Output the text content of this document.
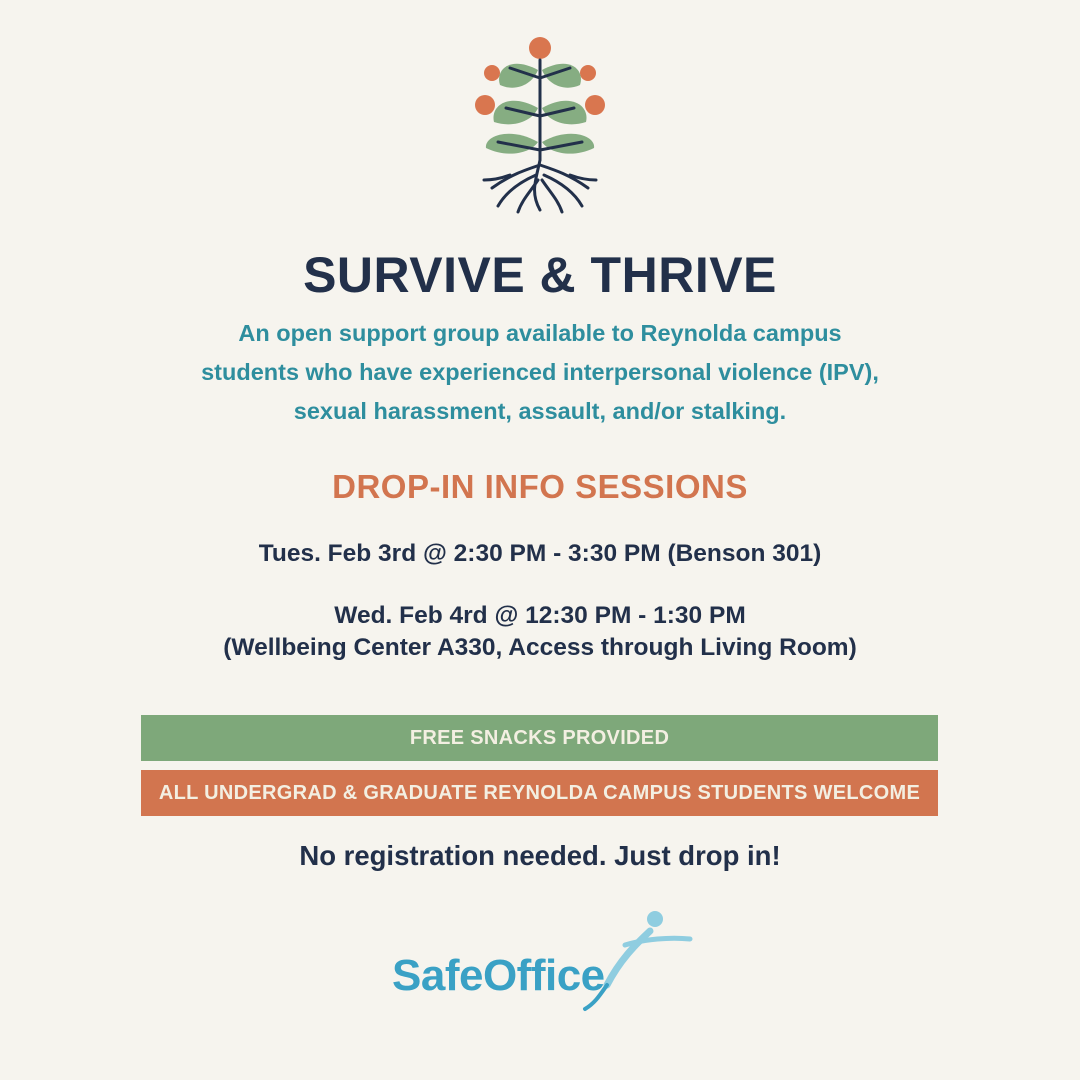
SURVIVE & THRIVE

An open support group available to Reynolda campus students who have experienced interpersonal violence (IPV), sexual harassment, assault, and/or stalking.

DROP-IN INFO SESSIONS
Tues. Feb 3rd @ 2:30 PM - 3:30 PM (Benson 301)
Wed. Feb 4rd @ 12:30 PM - 1:30 PM
(Wellbeing Center A330, Access through Living Room)
FREE SNACKS PROVIDED
ALL UNDERGRAD & GRADUATE REYNOLDA CAMPUS STUDENTS WELCOME

No registration needed. Just drop in!

SafeOffice
